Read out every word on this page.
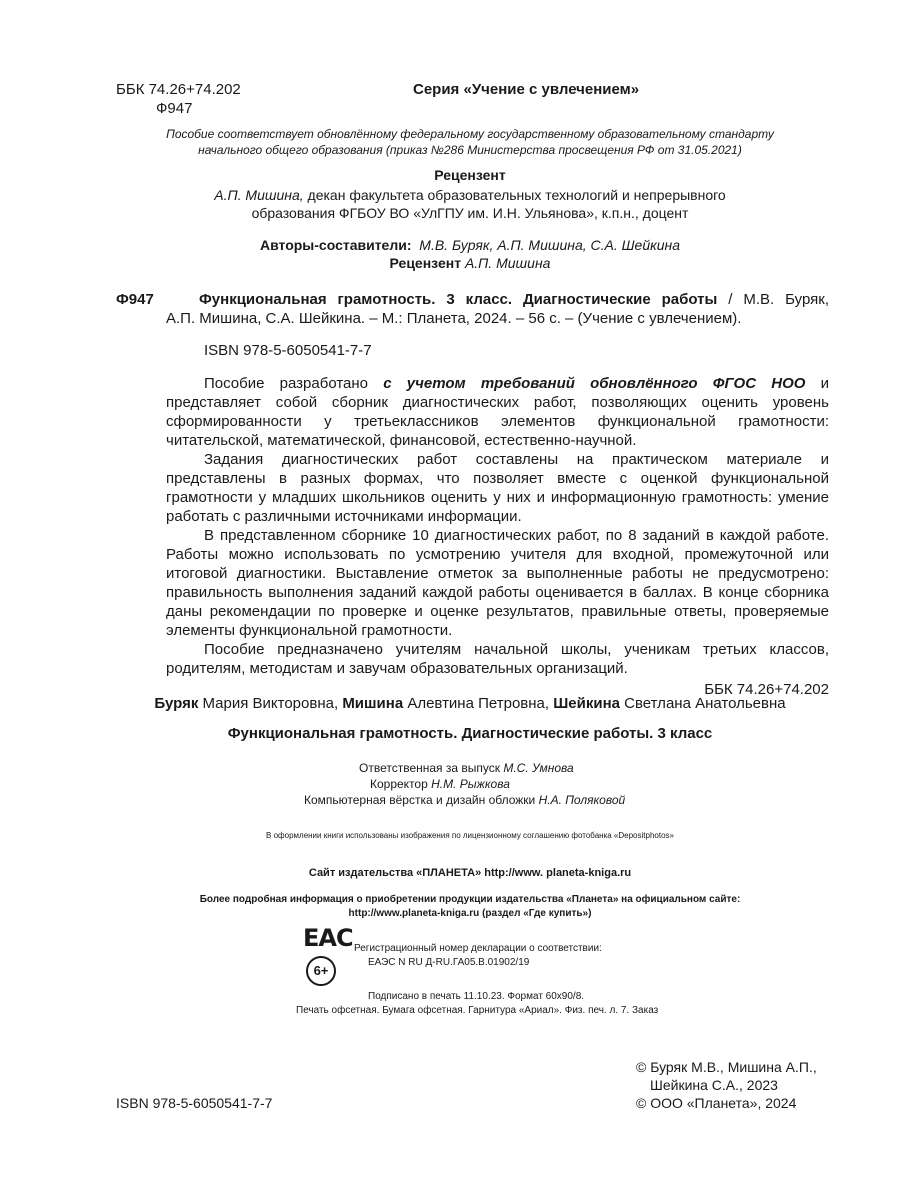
ББК 74.26+74.202
Ф947
Серия «Учение с увлечением»
Пособие соответствует обновлённому федеральному государственному образовательному стандарту
начального общего образования (приказ №286 Министерства просвещения РФ от 31.05.2021)
Рецензент
А.П. Мишина, декан факультета образовательных технологий и непрерывного
образования ФГБОУ ВО «УлГПУ им. И.Н. Ульянова», к.п.н., доцент
Авторы-составители: М.В. Буряк, А.П. Мишина, С.А. Шейкина
Рецензент А.П. Мишина
Ф947	Функциональная грамотность. 3 класс. Диагностические работы / М.В. Буряк,
А.П. Мишина, С.А. Шейкина. – М.: Планета, 2024. – 56 с. – (Учение с увлечением).
ISBN 978-5-6050541-7-7

Пособие разработано с учетом требований обновлённого ФГОС НОО и представляет собой сборник диагностических работ, позволяющих оценить уровень сформированности у третьеклассников элементов функциональной грамотности: читательской, математической, финансовой, естественно-научной.

Задания диагностических работ составлены на практическом материале и представлены в разных формах, что позволяет вместе с оценкой функциональной грамотности у младших школьников оценить у них и информационную грамотность: умение работать с различными источниками информации.

В представленном сборнике 10 диагностических работ, по 8 заданий в каждой работе. Работы можно использовать по усмотрению учителя для входной, промежуточной или итоговой диагностики. Выставление отметок за выполненные работы не предусмотрено: правильность выполнения заданий каждой работы оценивается в баллах. В конце сборника даны рекомендации по проверке и оценке результатов, правильные ответы, проверяемые элементы функциональной грамотности.

Пособие предназначено учителям начальной школы, ученикам третьих классов, родителям, методистам и завучам образовательных организаций.

ББК 74.26+74.202

Буряк Мария Викторовна, Мишина Алевтина Петровна, Шейкина Светлана Анатольевна
Функциональная грамотность. Диагностические работы. 3 класс
Ответственная за выпуск М.С. Умнова
Корректор Н.М. Рыжкова
Компьютерная вёрстка и дизайн обложки Н.А. Поляковой
В оформлении книги использованы изображения по лицензионному соглашению фотобанка «Depositphotos»
Сайт издательства «ПЛАНЕТА» http://www. planeta-kniga.ru
Более подробная информация о приобретении продукции издательства «Планета» на официальном сайте:
http://www.planeta-kniga.ru (раздел «Где купить»)
ЕАС
6+
Регистрационный номер декларации о соответствии:
ЕАЭС N RU Д-RU.ГА05.В.01902/19
Подписано в печать 11.10.23. Формат 60х90/8.
Печать офсетная. Бумага офсетная. Гарнитура «Ариал». Физ. печ. л. 7. Заказ
ISBN 978-5-6050541-7-7
© Буряк М.В., Мишина А.П.,
Шейкина С.А., 2023
© ООО «Планета», 2024
